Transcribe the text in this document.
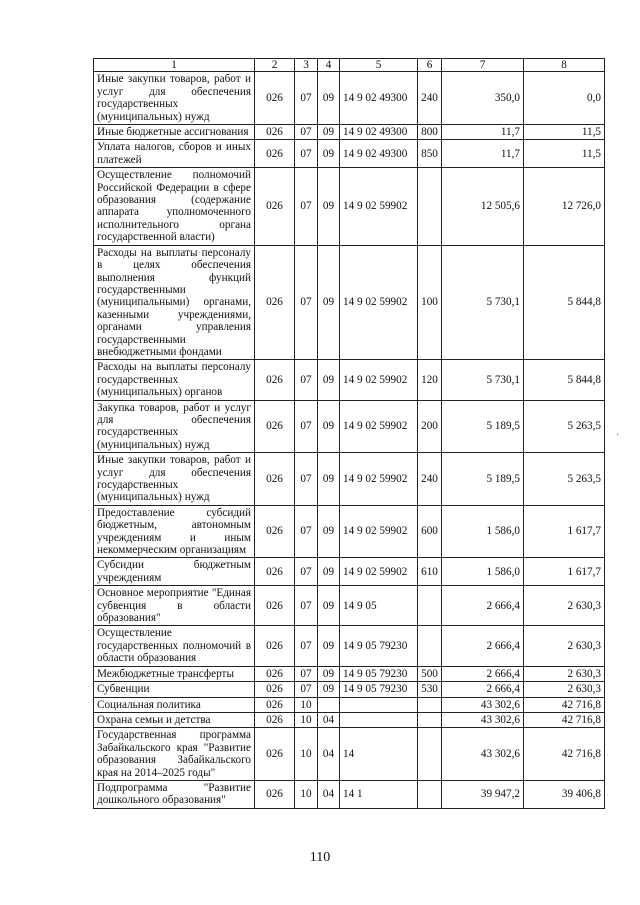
1	2	3	4	5	6	7	8
Иные закупки товаров, работ и услуг для обеспечения государственных (муниципальных) нужд	026	07	09	14 9 02 49300	240	350,0	0,0
Иные бюджетные ассигнования	026	07	09	14 9 02 49300	800	11,7	11,5
Уплата налогов, сборов и иных платежей	026	07	09	14 9 02 49300	850	11,7	11,5
Осуществление полномочий Российской Федерации в сфере образования (содержание аппарата уполномоченного исполнительного органа государственной власти)	026	07	09	14 9 02 59902		12 505,6	12 726,0
Расходы на выплаты персоналу в целях обеспечения выполнения функций государственными (муниципальными) органами, казенными учреждениями, органами управления государственными внебюджетными фондами	026	07	09	14 9 02 59902	100	5 730,1	5 844,8
Расходы на выплаты персоналу государственных (муниципальных) органов	026	07	09	14 9 02 59902	120	5 730,1	5 844,8
Закупка товаров, работ и услуг для обеспечения государственных (муниципальных) нужд	026	07	09	14 9 02 59902	200	5 189,5	5 263,5
Иные закупки товаров, работ и услуг для обеспечения государственных (муниципальных) нужд	026	07	09	14 9 02 59902	240	5 189,5	5 263,5
Предоставление субсидий бюджетным, автономным учреждениям и иным некоммерческим организациям	026	07	09	14 9 02 59902	600	1 586,0	1 617,7
Субсидии бюджетным учреждениям	026	07	09	14 9 02 59902	610	1 586,0	1 617,7
Основное мероприятие "Единая субвенция в области образования"	026	07	09	14 9 05		2 666,4	2 630,3
Осуществление государственных полномочий в области образования	026	07	09	14 9 05 79230		2 666,4	2 630,3
Межбюджетные трансферты	026	07	09	14 9 05 79230	500	2 666,4	2 630,3
Субвенции	026	07	09	14 9 05 79230	530	2 666,4	2 630,3
Социальная политика	026	10				43 302,6	42 716,8
Охрана семьи и детства	026	10	04			43 302,6	42 716,8
Государственная программа Забайкальского края "Развитие образования Забайкальского края на 2014–2025 годы"	026	10	04	14		43 302,6	42 716,8
Подпрограмма "Развитие дошкольного образования"	026	10	04	14 1		39 947,2	39 406,8
110
·
